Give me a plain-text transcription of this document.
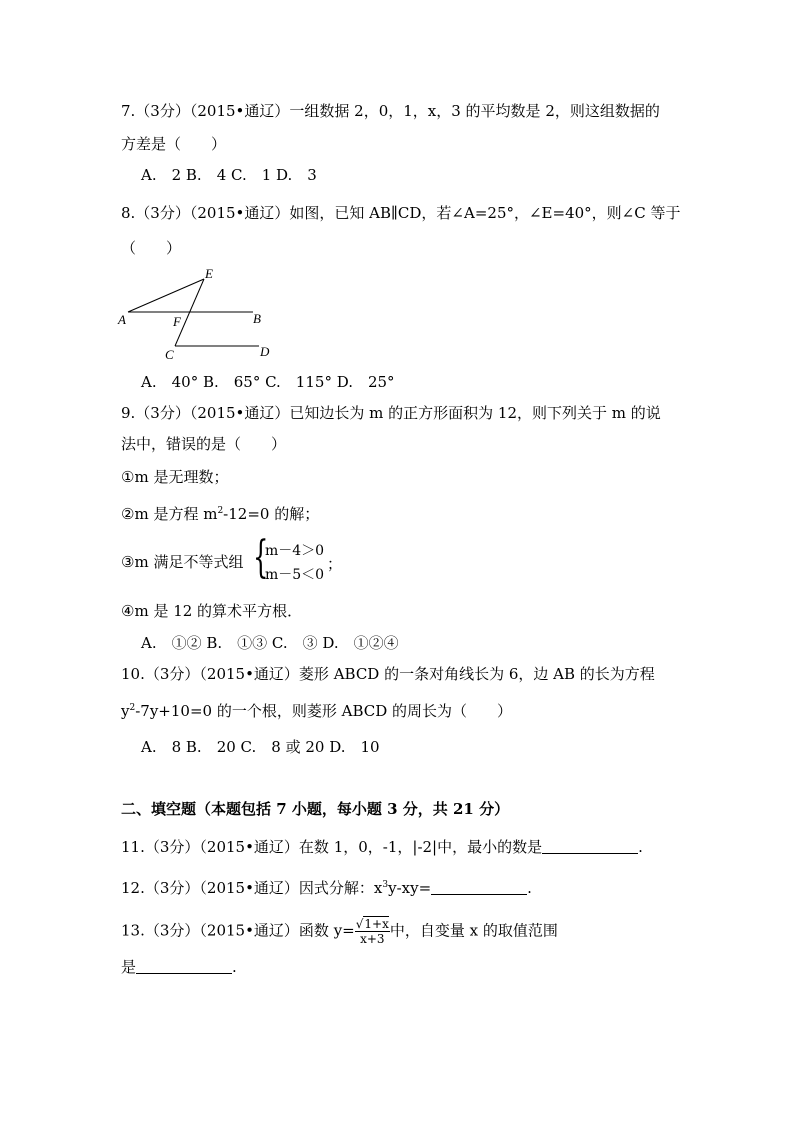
7.（3分）（2015•通辽）一组数据 2，0，1，x，3 的平均数是 2，则这组数据的
方差是（　　）
A.　2 B.　4 C.　1 D.　3
8.（3分）（2015•通辽）如图，已知 AB∥CD，若∠A=25°，∠E=40°，则∠C 等于
（　　）
E
A	F	B
C	D
A.　40° B.　65° C.　115° D.　25°
9.（3分）（2015•通辽）已知边长为 m 的正方形面积为 12，则下列关于 m 的说
法中，错误的是（　　）
①m 是无理数；
②m 是方程 $m^2-12=0$ 的解；
③m 满足不等式组 {
m－4＞0
m－5＜0
；
④m 是 12 的算术平方根．
A.　①② B.　①③ C.　③ D.　①②④
10.（3分）（2015•通辽）菱形 ABCD 的一条对角线长为 6，边 AB 的长为方程
$y^2-7y+10=0$ 的一个根，则菱形 ABCD 的周长为（　　）
A.　8 B.　20 C.　8 或 20 D.　10
二、填空题（本题包括 7 小题，每小题 3 分，共 21 分）
11.（3分）（2015•通辽）在数 1，0，-1，|-2|中，最小的数是	.
12.（3分）（2015•通辽）因式分解：$x^3y-xy=$	.
13.（3分）（2015•通辽）函数 $y= \frac{√1+x}{x+3}$ 中，自变量 x 的取值范围
是	.
